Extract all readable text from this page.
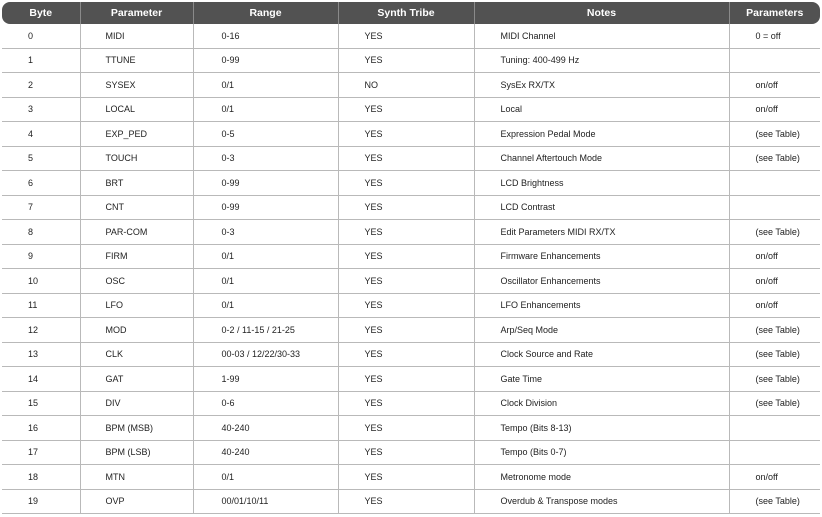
Byte	Parameter	Range	Synth Tribe	Notes	Parameters
0	MIDI	0-16	YES	MIDI Channel	0 = off
1	TTUNE	0-99	YES	Tuning: 400-499 Hz	
2	SYSEX	0/1	NO	SysEx RX/TX	on/off
3	LOCAL	0/1	YES	Local	on/off
4	EXP_PED	0-5	YES	Expression Pedal Mode	(see Table)
5	TOUCH	0-3	YES	Channel Aftertouch Mode	(see Table)
6	BRT	0-99	YES	LCD Brightness	
7	CNT	0-99	YES	LCD Contrast	
8	PAR-COM	0-3	YES	Edit Parameters MIDI RX/TX	(see Table)
9	FIRM	0/1	YES	Firmware Enhancements	on/off
10	OSC	0/1	YES	Oscillator Enhancements	on/off
11	LFO	0/1	YES	LFO Enhancements	on/off
12	MOD	0-2 / 11-15 / 21-25	YES	Arp/Seq Mode	(see Table)
13	CLK	00-03 / 12/22/30-33	YES	Clock Source and Rate	(see Table)
14	GAT	1-99	YES	Gate Time	(see Table)
15	DIV	0-6	YES	Clock Division	(see Table)
16	BPM (MSB)	40-240	YES	Tempo (Bits 8-13)	
17	BPM (LSB)	40-240	YES	Tempo (Bits 0-7)	
18	MTN	0/1	YES	Metronome mode	on/off
19	OVP	00/01/10/11	YES	Overdub & Transpose modes	(see Table)
